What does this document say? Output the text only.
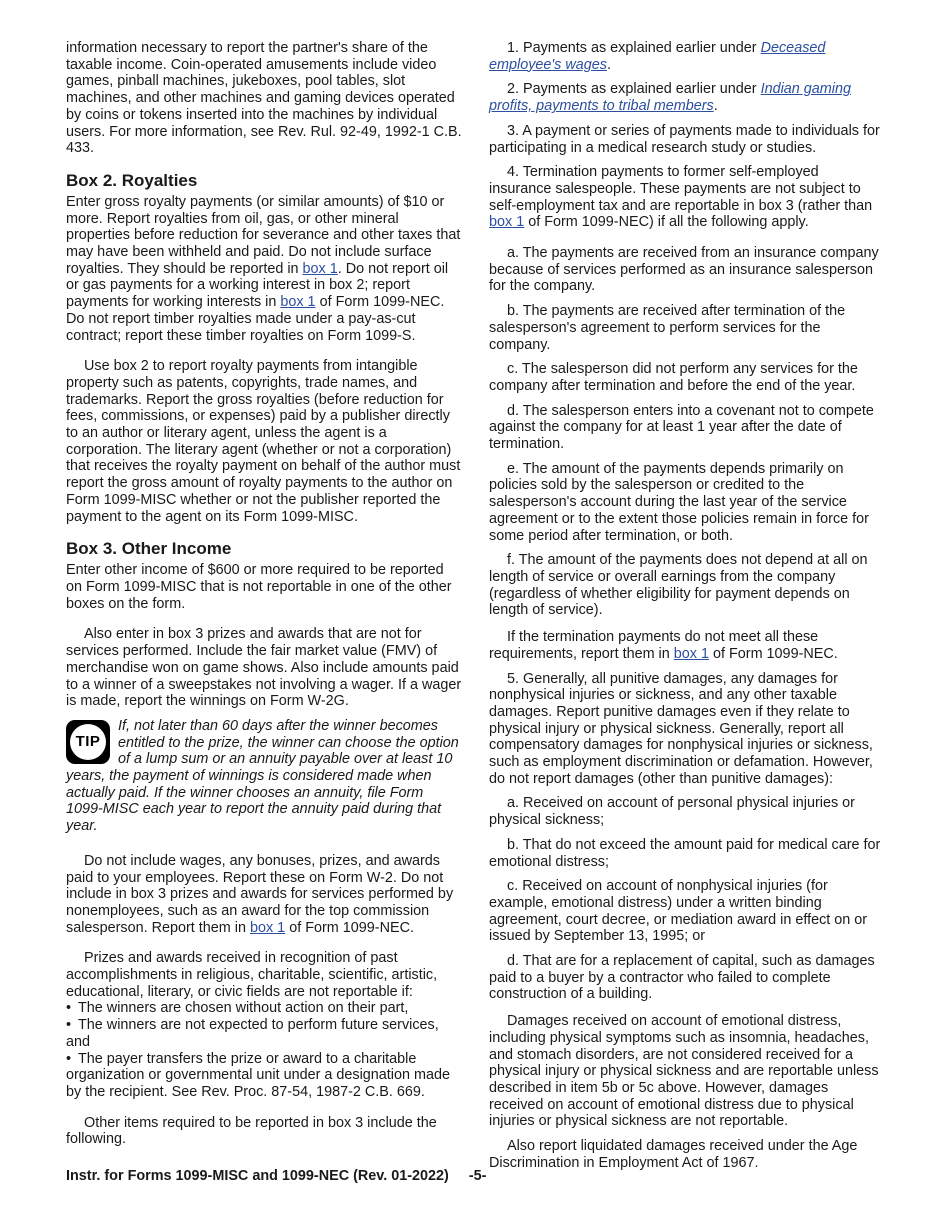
information necessary to report the partner's share of the taxable income. Coin-operated amusements include video games, pinball machines, jukeboxes, pool tables, slot machines, and other machines and gaming devices operated by coins or tokens inserted into the machines by individual users. For more information, see Rev. Rul. 92-49, 1992-1 C.B. 433.

Box 2. Royalties

Enter gross royalty payments (or similar amounts) of $10 or more. Report royalties from oil, gas, or other mineral properties before reduction for severance and other taxes that may have been withheld and paid. Do not include surface royalties. They should be reported in box 1. Do not report oil or gas payments for a working interest in box 2; report payments for working interests in box 1 of Form 1099-NEC. Do not report timber royalties made under a pay-as-cut contract; report these timber royalties on Form 1099-S.

Use box 2 to report royalty payments from intangible property such as patents, copyrights, trade names, and trademarks. Report the gross royalties (before reduction for fees, commissions, or expenses) paid by a publisher directly to an author or literary agent, unless the agent is a corporation. The literary agent (whether or not a corporation) that receives the royalty payment on behalf of the author must report the gross amount of royalty payments to the author on Form 1099-MISC whether or not the publisher reported the payment to the agent on its Form 1099-MISC.

Box 3. Other Income

Enter other income of $600 or more required to be reported on Form 1099-MISC that is not reportable in one of the other boxes on the form.

Also enter in box 3 prizes and awards that are not for services performed. Include the fair market value (FMV) of merchandise won on game shows. Also include amounts paid to a winner of a sweepstakes not involving a wager. If a wager is made, report the winnings on Form W-2G.

TIP
If, not later than 60 days after the winner becomes entitled to the prize, the winner can choose the option of a lump sum or an annuity payable over at least 10 years, the payment of winnings is considered made when actually paid. If the winner chooses an annuity, file Form 1099-MISC each year to report the annuity paid during that year.

Do not include wages, any bonuses, prizes, and awards paid to your employees. Report these on Form W-2. Do not include in box 3 prizes and awards for services performed by nonemployees, such as an award for the top commission salesperson. Report them in box 1 of Form 1099-NEC.

Prizes and awards received in recognition of past accomplishments in religious, charitable, scientific, artistic, educational, literary, or civic fields are not reportable if:

• The winners are chosen without action on their part,
• The winners are not expected to perform future services, and
• The payer transfers the prize or award to a charitable organization or governmental unit under a designation made by the recipient. See Rev. Proc. 87-54, 1987-2 C.B. 669.

Other items required to be reported in box 3 include the following.

1. Payments as explained earlier under Deceased employee's wages.

2. Payments as explained earlier under Indian gaming profits, payments to tribal members.

3. A payment or series of payments made to individuals for participating in a medical research study or studies.

4. Termination payments to former self-employed insurance salespeople. These payments are not subject to self-employment tax and are reportable in box 3 (rather than box 1 of Form 1099-NEC) if all the following apply.

a. The payments are received from an insurance company because of services performed as an insurance salesperson for the company.

b. The payments are received after termination of the salesperson's agreement to perform services for the company.

c. The salesperson did not perform any services for the company after termination and before the end of the year.

d. The salesperson enters into a covenant not to compete against the company for at least 1 year after the date of termination.

e. The amount of the payments depends primarily on policies sold by the salesperson or credited to the salesperson's account during the last year of the service agreement or to the extent those policies remain in force for some period after termination, or both.

f. The amount of the payments does not depend at all on length of service or overall earnings from the company (regardless of whether eligibility for payment depends on length of service).

If the termination payments do not meet all these requirements, report them in box 1 of Form 1099-NEC.

5. Generally, all punitive damages, any damages for nonphysical injuries or sickness, and any other taxable damages. Report punitive damages even if they relate to physical injury or physical sickness. Generally, report all compensatory damages for nonphysical injuries or sickness, such as employment discrimination or defamation. However, do not report damages (other than punitive damages):

a. Received on account of personal physical injuries or physical sickness;

b. That do not exceed the amount paid for medical care for emotional distress;

c. Received on account of nonphysical injuries (for example, emotional distress) under a written binding agreement, court decree, or mediation award in effect on or issued by September 13, 1995; or

d. That are for a replacement of capital, such as damages paid to a buyer by a contractor who failed to complete construction of a building.

Damages received on account of emotional distress, including physical symptoms such as insomnia, headaches, and stomach disorders, are not considered received for a physical injury or physical sickness and are reportable unless described in item 5b or 5c above. However, damages received on account of emotional distress due to physical injuries or physical sickness are not reportable.

Also report liquidated damages received under the Age Discrimination in Employment Act of 1967.

Instr. for Forms 1099-MISC and 1099-NEC (Rev. 01-2022) -5-
